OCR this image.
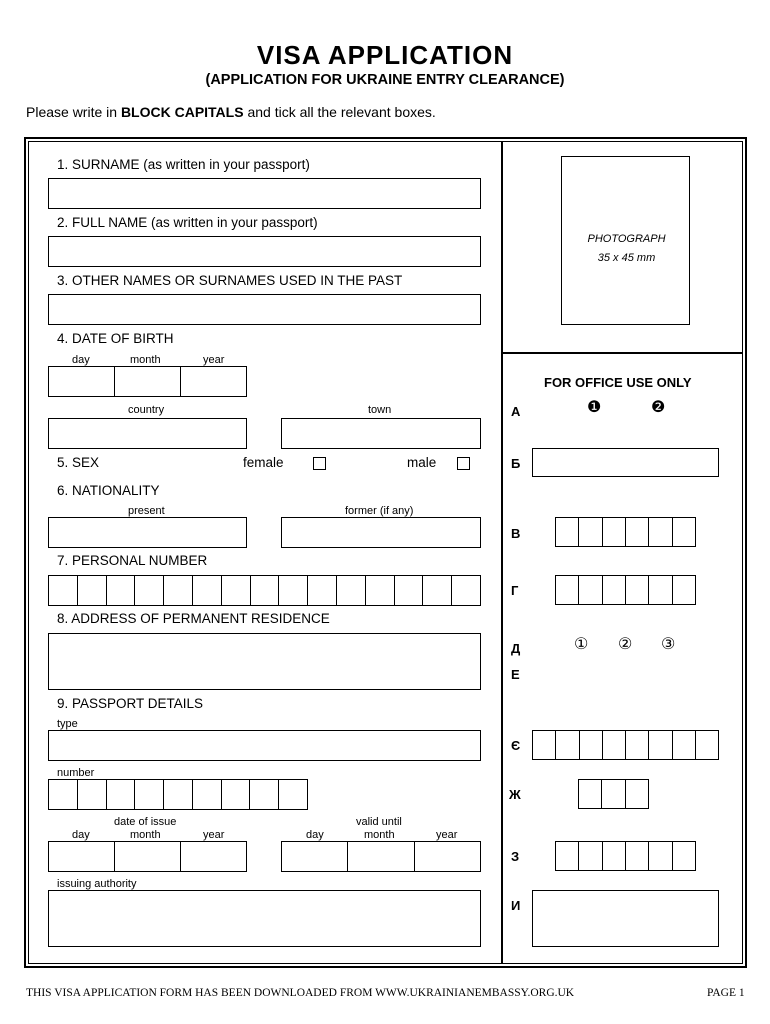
VISA APPLICATION
(APPLICATION FOR UKRAINE ENTRY CLEARANCE)
Please write in BLOCK CAPITALS and tick all the relevant boxes.
1. SURNAME (as written in your passport)
2. FULL NAME (as written in your passport)
3. OTHER NAMES OR SURNAMES USED IN THE PAST
4. DATE OF BIRTH
day	month	year
country	town
5. SEX	female	male
6. NATIONALITY
present	former (if any)
7. PERSONAL NUMBER
8. ADDRESS OF PERMANENT RESIDENCE
9. PASSPORT DETAILS
type
number
date of issue	valid until
day	month	year	day	month	year
issuing authority
PHOTOGRAPH
35 x 45 mm
FOR OFFICE USE ONLY
❶	❷
А
Б
В
Г
Д	① ② ③
Е
Є
Ж
З
И
THIS VISA APPLICATION FORM HAS BEEN DOWNLOADED FROM WWW.UKRAINIANEMBASSY.ORG.UK	PAGE 1
